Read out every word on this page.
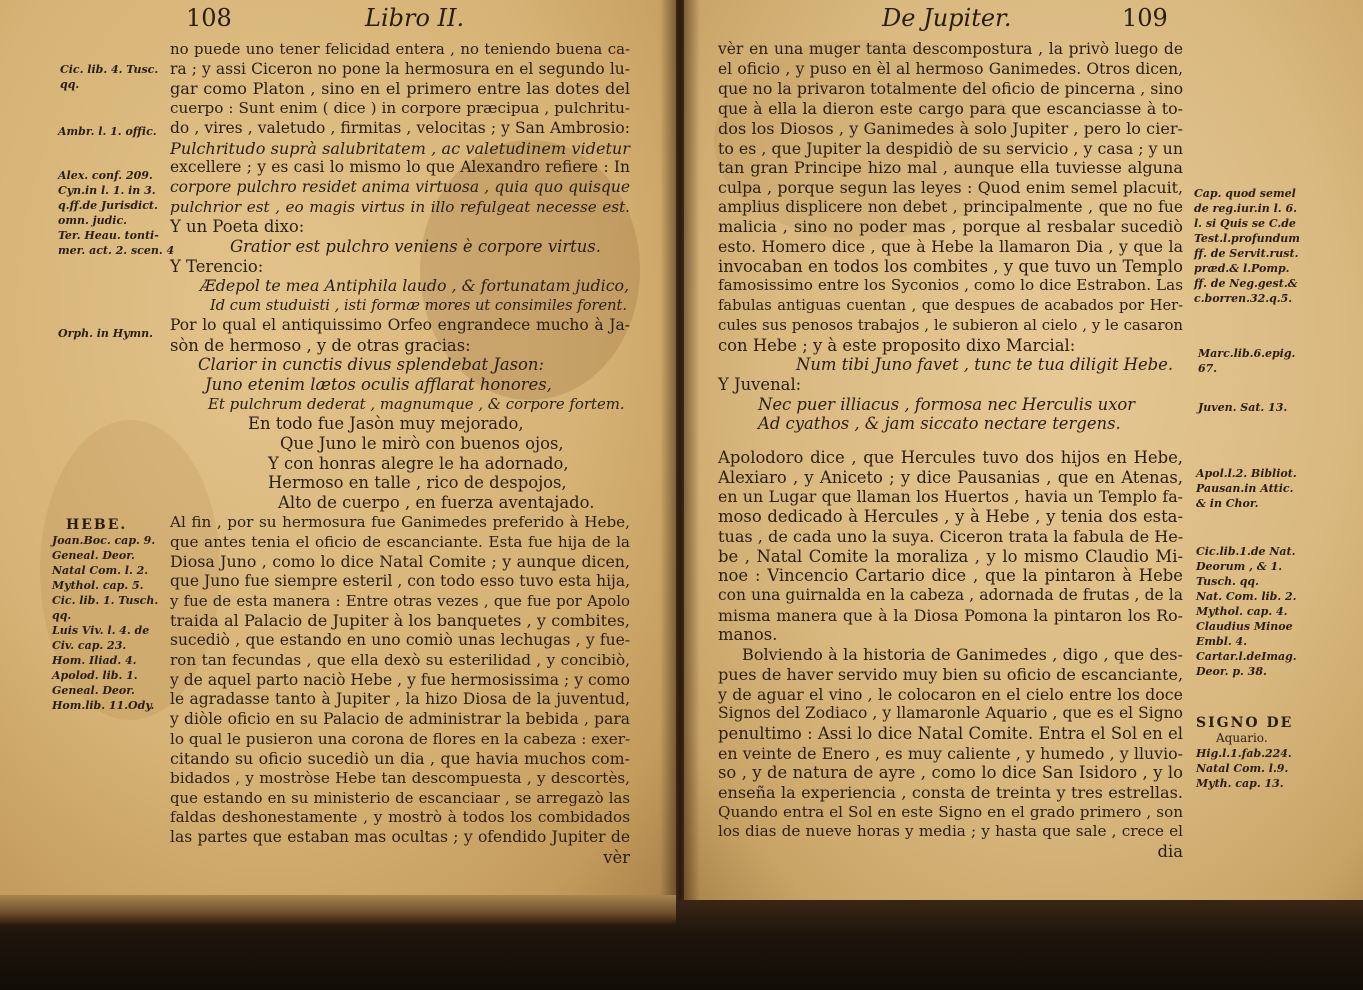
108	Libro II.

no puede uno tener felicidad entera , no teniendo buena ca-

ra ; y assi Ciceron no pone la hermosura en el segundo lu-

gar como Platon , sino en el primero entre las dotes del

cuerpo : Sunt enim ( dice ) in corpore præcipua , pulchritu-

do , vires , valetudo , firmitas , velocitas ; y San Ambrosio:

Pulchritudo suprà salubritatem , ac valetudinem videtur

excellere ; y es casi lo mismo lo que Alexandro refiere : In

corpore pulchro residet anima virtuosa , quia quo quisque

pulchrior est , eo magis virtus in illo refulgeat necesse est.

Y un Poeta dixo:

Gratior est pulchro veniens è corpore virtus.

Y Terencio:

Ædepol te mea Antiphila laudo , & fortunatam judico,

Id cum studuisti , isti formæ mores ut consimiles forent.

Por lo qual el antiquissimo Orfeo engrandece mucho à Ja-

sòn de hermoso , y de otras gracias:

Clarior in cunctis divus splendebat Jason:

Juno etenim lætos oculis afflarat honores,

Et pulchrum dederat , magnumque , & corpore fortem.

En todo fue Jasòn muy mejorado,

Que Juno le mirò con buenos ojos,

Y con honras alegre le ha adornado,

Hermoso en talle , rico de despojos,

Alto de cuerpo , en fuerza aventajado.

Al fin , por su hermosura fue Ganimedes preferido à Hebe,

que antes tenia el oficio de escanciante. Esta fue hija de la

Diosa Juno , como lo dice Natal Comite ; y aunque dicen,

que Juno fue siempre esteril , con todo esso tuvo esta hija,

y fue de esta manera : Entre otras vezes , que fue por Apolo

traida al Palacio de Jupiter à los banquetes , y combites,

sucediò , que estando en uno comiò unas lechugas , y fue-

ron tan fecundas , que ella dexò su esterilidad , y concibiò,

y de aquel parto naciò Hebe , y fue hermosissima ; y como

le agradasse tanto à Jupiter , la hizo Diosa de la juventud,

y diòle oficio en su Palacio de administrar la bebida , para

lo qual le pusieron una corona de flores en la cabeza : exer-

citando su oficio sucediò un dia , que havia muchos com-

bidados , y mostròse Hebe tan descompuesta , y descortès,

que estando en su ministerio de escanciaar , se arregazò las

faldas deshonestamente , y mostrò à todos los combidados

las partes que estaban mas ocultas ; y ofendido Jupiter de

vèr

Cic. lib. 4. Tusc.

qq.

Ambr. l. 1. offic.

Alex. conf. 209.

Cyn.in l. 1. in 3.

q.ff.de Jurisdict.

omn. judic.

Ter. Heau. tonti-

mer. act. 2. scen. 4

Orph. in Hymn.

HEBE.

Joan.Boc. cap. 9.

Geneal. Deor.

Natal Com. l. 2.

Mythol. cap. 5.

Cic. lib. 1. Tusch.

qq.

Luis Viv. l. 4. de

Civ. cap. 23.

Hom. Iliad. 4.

Apolod. lib. 1.

Geneal. Deor.

Hom.lib. 11.Ody.

De Jupiter.	109

vèr en una muger tanta descompostura , la privò luego de

el oficio , y puso en èl al hermoso Ganimedes. Otros dicen,

que no la privaron totalmente del oficio de pincerna , sino

que à ella la dieron este cargo para que escanciasse à to-

dos los Diosos , y Ganimedes à solo Jupiter , pero lo cier-

to es , que Jupiter la despidiò de su servicio , y casa ; y un

tan gran Principe hizo mal , aunque ella tuviesse alguna

culpa , porque segun las leyes : Quod enim semel placuit,

amplius displicere non debet , principalmente , que no fue

malicia , sino no poder mas , porque al resbalar sucediò

esto. Homero dice , que à Hebe la llamaron Dia , y que la

invocaban en todos los combites , y que tuvo un Templo

famosissimo entre los Syconios , como lo dice Estrabon. Las

fabulas antiguas cuentan , que despues de acabados por Her-

cules sus penosos trabajos , le subieron al cielo , y le casaron

con Hebe ; y à este proposito dixo Marcial:

Num tibi Juno favet , tunc te tua diligit Hebe.

Y Juvenal:

Nec puer illiacus , formosa nec Herculis uxor

Ad cyathos , & jam siccato nectare tergens.

Apolodoro dice , que Hercules tuvo dos hijos en Hebe,

Alexiaro , y Aniceto ; y dice Pausanias , que en Atenas,

en un Lugar que llaman los Huertos , havia un Templo fa-

moso dedicado à Hercules , y à Hebe , y tenia dos esta-

tuas , de cada uno la suya. Ciceron trata la fabula de He-

be , Natal Comite la moraliza , y lo mismo Claudio Mi-

noe : Vincencio Cartario dice , que la pintaron à Hebe

con una guirnalda en la cabeza , adornada de frutas , de la

misma manera que à la Diosa Pomona la pintaron los Ro-

manos.

Bolviendo à la historia de Ganimedes , digo , que des-

pues de haver servido muy bien su oficio de escanciante,

y de aguar el vino , le colocaron en el cielo entre los doce

Signos del Zodiaco , y llamaronle Aquario , que es el Signo

penultimo : Assi lo dice Natal Comite. Entra el Sol en el

en veinte de Enero , es muy caliente , y humedo , y lluvio-

so , y de natura de ayre , como lo dice San Isidoro , y lo

enseña la experiencia , consta de treinta y tres estrellas.

Quando entra el Sol en este Signo en el grado primero , son

los dias de nueve horas y media ; y hasta que sale , crece el

dia

Cap. quod semel

de reg.iur.in l. 6.

l. si Quis se C.de

Test.l.profundum

ff. de Servit.rust.

præd.& l.Pomp.

ff. de Neg.gest.&

c.borren.32.q.5.

Marc.lib.6.epig.

67.

Juven. Sat. 13.

Apol.l.2. Bibliot.

Pausan.in Attic.

& in Chor.

Cic.lib.1.de Nat.

Deorum , & 1.

Tusch. qq.

Nat. Com. lib. 2.

Mythol. cap. 4.

Claudius Minoe

Embl. 4.

Cartar.l.deImag.

Deor. p. 38.

SIGNO DE

Aquario.

Hig.l.1.fab.224.

Natal Com. l.9.

Myth. cap. 13.
